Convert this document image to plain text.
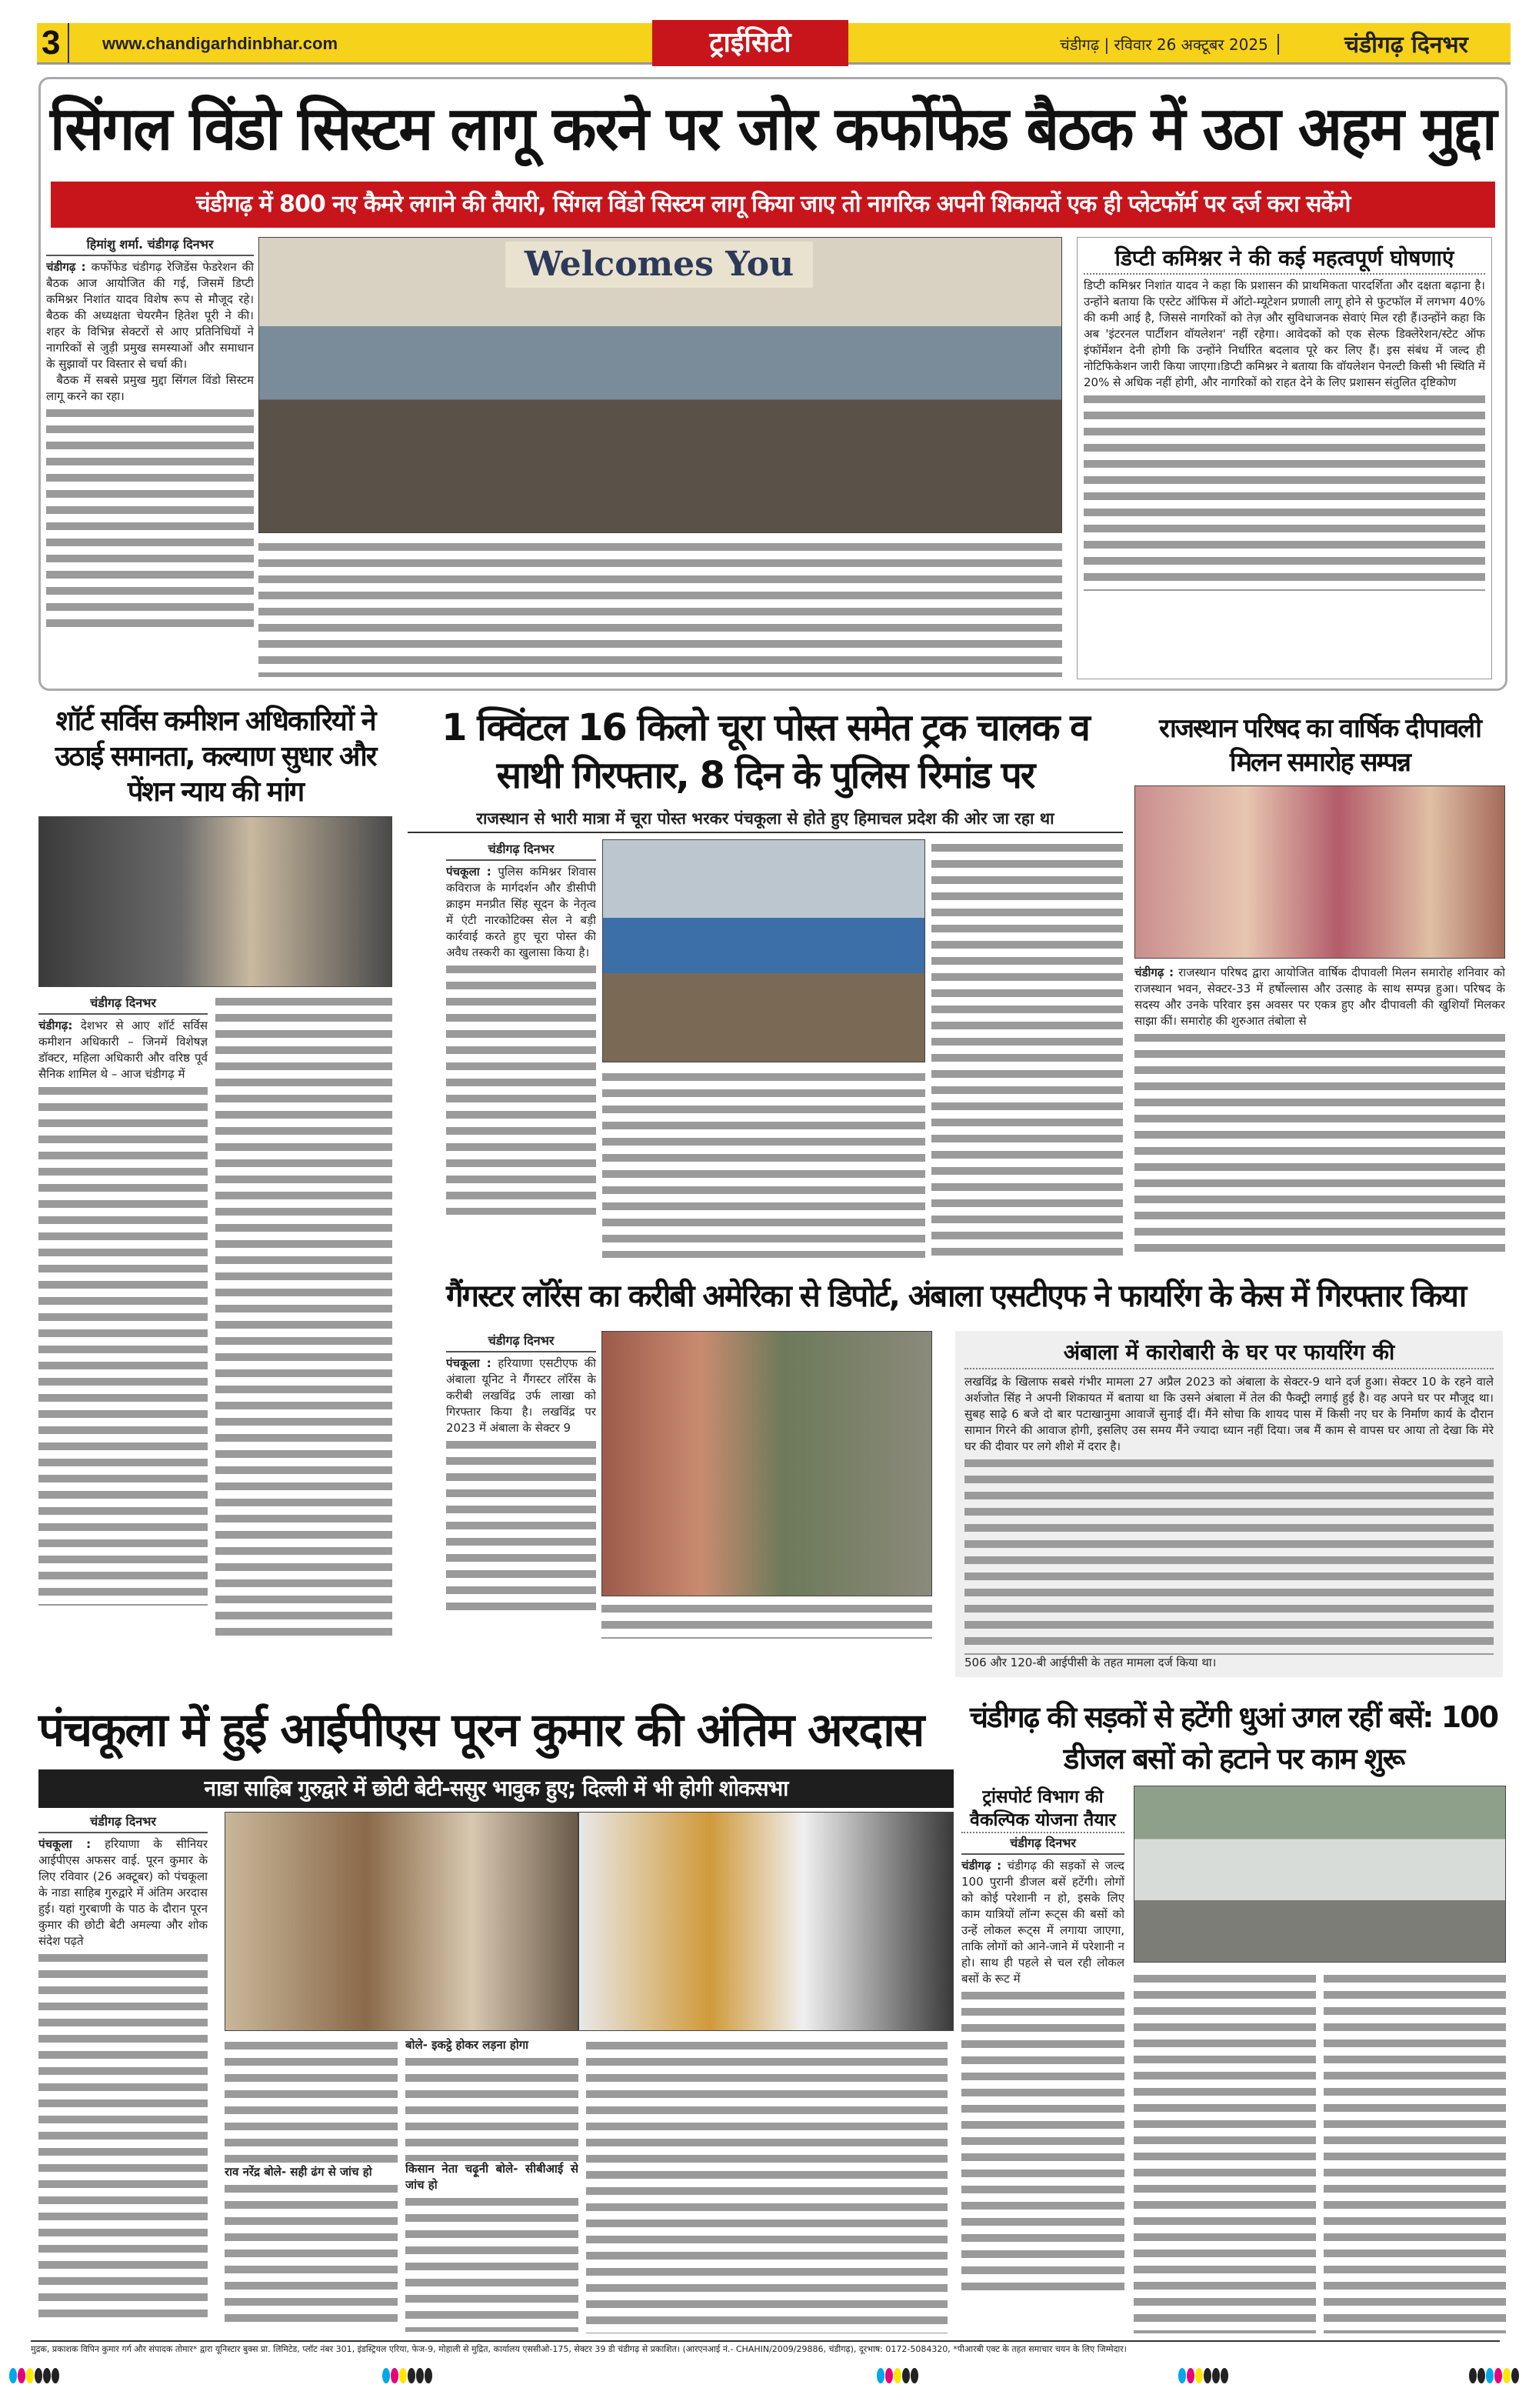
3	www.chandigarhdinbhar.com	ट्राईसिटी	चंडीगढ़ | रविवार 26 अक्टूबर 2025	चंडीगढ़ दिनभर
सिंगल विंडो सिस्टम लागू करने पर जोर कर्फोफेड बैठक में उठा अहम मुद्दा
चंडीगढ़ में 800 नए कैमरे लगाने की तैयारी, सिंगल विंडो सिस्टम लागू किया जाए तो नागरिक अपनी शिकायतें एक ही प्लेटफॉर्म पर दर्ज करा सकेंगे
हिमांशु शर्मा. चंडीगढ़ दिनभर
चंडीगढ़ : कर्फोफेड चंडीगढ़ रेजिडेंस फेडरेशन की बैठक आज आयोजित की गई, जिसमें डिप्टी कमिश्नर निशांत यादव विशेष रूप से मौजूद रहे। बैठक की अध्यक्षता चेयरमैन हितेश पूरी ने की। शहर के विभिन्न सेक्टरों से आए प्रतिनिधियों ने नागरिकों से जुड़ी प्रमुख समस्याओं और समाधान के सुझावों पर विस्तार से चर्चा की।
बैठक में सबसे प्रमुख मुद्दा सिंगल विंडो सिस्टम लागू करने का रहा।
Welcomes You	डिप्टी कमिश्नर ने की कई महत्वपूर्ण घोषणाएं
डिप्टी कमिश्नर निशांत यादव ने कहा कि प्रशासन की प्राथमिकता पारदर्शिता और दक्षता बढ़ाना है। उन्होंने बताया कि एस्टेट ऑफिस में ऑटो-म्यूटेशन प्रणाली लागू होने से फुटफॉल में लगभग 40% की कमी आई है, जिससे नागरिकों को तेज़ और सुविधाजनक सेवाएं मिल रही हैं।उन्होंने कहा कि अब 'इंटरनल पार्टीशन वॉयलेशन' नहीं रहेगा। आवेदकों को एक सेल्फ डिक्लेरेशन/स्टेट ऑफ इंफॉर्मेशन देनी होगी कि उन्होंने निर्धारित बदलाव पूरे कर लिए हैं। इस संबंध में जल्द ही नोटिफिकेशन जारी किया जाएगा।डिप्टी कमिश्नर ने बताया कि वॉयलेशन पेनल्टी किसी भी स्थिति में 20% से अधिक नहीं होगी, और नागरिकों को राहत देने के लिए प्रशासन संतुलित दृष्टिकोण
शॉर्ट सर्विस कमीशन अधिकारियों ने उठाई समानता, कल्याण सुधार और पेंशन न्याय की मांग
चंडीगढ़ दिनभर
चंडीगढ़: देशभर से आए शॉर्ट सर्विस कमीशन अधिकारी – जिनमें विशेषज्ञ डॉक्टर, महिला अधिकारी और वरिष्ठ पूर्व सैनिक शामिल थे – आज चंडीगढ़ में
1 क्विंटल 16 किलो चूरा पोस्त समेत ट्रक चालक व साथी गिरफ्तार, 8 दिन के पुलिस रिमांड पर
राजस्थान से भारी मात्रा में चूरा पोस्त भरकर पंचकूला से होते हुए हिमाचल प्रदेश की ओर जा रहा था
चंडीगढ़ दिनभर
पंचकूला : पुलिस कमिश्नर शिवास कविराज के मार्गदर्शन और डीसीपी क्राइम मनप्रीत सिंह सूदन के नेतृत्व में एंटी नारकोटिक्स सेल ने बड़ी कार्रवाई करते हुए चूरा पोस्त की अवैध तस्करी का खुलासा किया है।
राजस्थान परिषद का वार्षिक दीपावली मिलन समारोह सम्पन्न
चंडीगढ़ : राजस्थान परिषद द्वारा आयोजित वार्षिक दीपावली मिलन समारोह शनिवार को राजस्थान भवन, सेक्टर-33 में हर्षोल्लास और उत्साह के साथ सम्पन्न हुआ। परिषद के सदस्य और उनके परिवार इस अवसर पर एकत्र हुए और दीपावली की खुशियाँ मिलकर साझा कीं। समारोह की शुरुआत तंबोला से
गैंगस्टर लॉरेंस का करीबी अमेरिका से डिपोर्ट, अंबाला एसटीएफ ने फायरिंग के केस में गिरफ्तार किया
चंडीगढ़ दिनभर
पंचकूला : हरियाणा एसटीएफ की अंबाला यूनिट ने गैंगस्टर लॉरेंस के करीबी लखविंद्र उर्फ लाखा को गिरफ्तार किया है। लखविंद्र पर 2023 में अंबाला के सेक्टर 9
अंबाला में कारोबारी के घर पर फायरिंग की
लखविंद्र के खिलाफ सबसे गंभीर मामला 27 अप्रैल 2023 को अंबाला के सेक्टर-9 थाने दर्ज हुआ। सेक्टर 10 के रहने वाले अर्शजोत सिंह ने अपनी शिकायत में बताया था कि उसने अंबाला में तेल की फैक्ट्री लगाई हुई है। वह अपने घर पर मौजूद था। सुबह साढ़े 6 बजे दो बार पटाखानुमा आवाजें सुनाई दीं। मैंने सोचा कि शायद पास में किसी नए घर के निर्माण कार्य के दौरान सामान गिरने की आवाज होगी, इसलिए उस समय मैंने ज्यादा ध्यान नहीं दिया। जब मैं काम से वापस घर आया तो देखा कि मेरे घर की दीवार पर लगे शीशे में दरार है।
506 और 120-बी आईपीसी के तहत मामला दर्ज किया था।
पंचकूला में हुई आईपीएस पूरन कुमार की अंतिम अरदास
नाडा साहिब गुरुद्वारे में छोटी बेटी-ससुर भावुक हुए; दिल्ली में भी होगी शोकसभा
चंडीगढ़ दिनभर
पंचकूला : हरियाणा के सीनियर आईपीएस अफसर वाई. पूरन कुमार के लिए रविवार (26 अक्टूबर) को पंचकूला के नाडा साहिब गुरुद्वारे में अंतिम अरदास हुई। यहां गुरबाणी के पाठ के दौरान पूरन कुमार की छोटी बेटी अमल्या और शोक संदेश पढ़ते
राव नरेंद्र बोले- सही ढंग से जांच हो
बोले- इकट्ठे होकर लड़ना होगा
किसान नेता चढ़ूनी बोले- सीबीआई से जांच हो
चंडीगढ़ की सड़कों से हटेंगी धुआं उगल रहीं बसें: 100 डीजल बसों को हटाने पर काम शुरू
ट्रांसपोर्ट विभाग की वैकल्पिक योजना तैयार
चंडीगढ़ दिनभर
चंडीगढ़ : चंडीगढ़ की सड़कों से जल्द 100 पुरानी डीजल बसें हटेंगी। लोगों को कोई परेशानी न हो, इसके लिए काम यात्रियों लॉन्ग रूट्स की बसों को उन्हें लोकल रूट्स में लगाया जाएगा, ताकि लोगों को आने-जाने में परेशानी न हो। साथ ही पहले से चल रही लोकल बसों के रूट में
मुद्रक, प्रकाशक विपिन कुमार गर्ग और संपादक तोमार* द्वारा यूनिस्टार बुक्स प्रा. लिमिटेड, प्लॉट नंबर 301, इंडस्ट्रियल एरिया, फेज-9, मोहाली से मुद्रित, कार्यालय एससीओ-175, सेक्टर 39 डी चंडीगढ़ से प्रकाशित। (आरएनआई नं.- CHAHIN/2009/29886, चंडीगढ़), दूरभाष: 0172-5084320, *पीआरबी एक्ट के तहत समाचार चयन के लिए जिम्मेदार।
